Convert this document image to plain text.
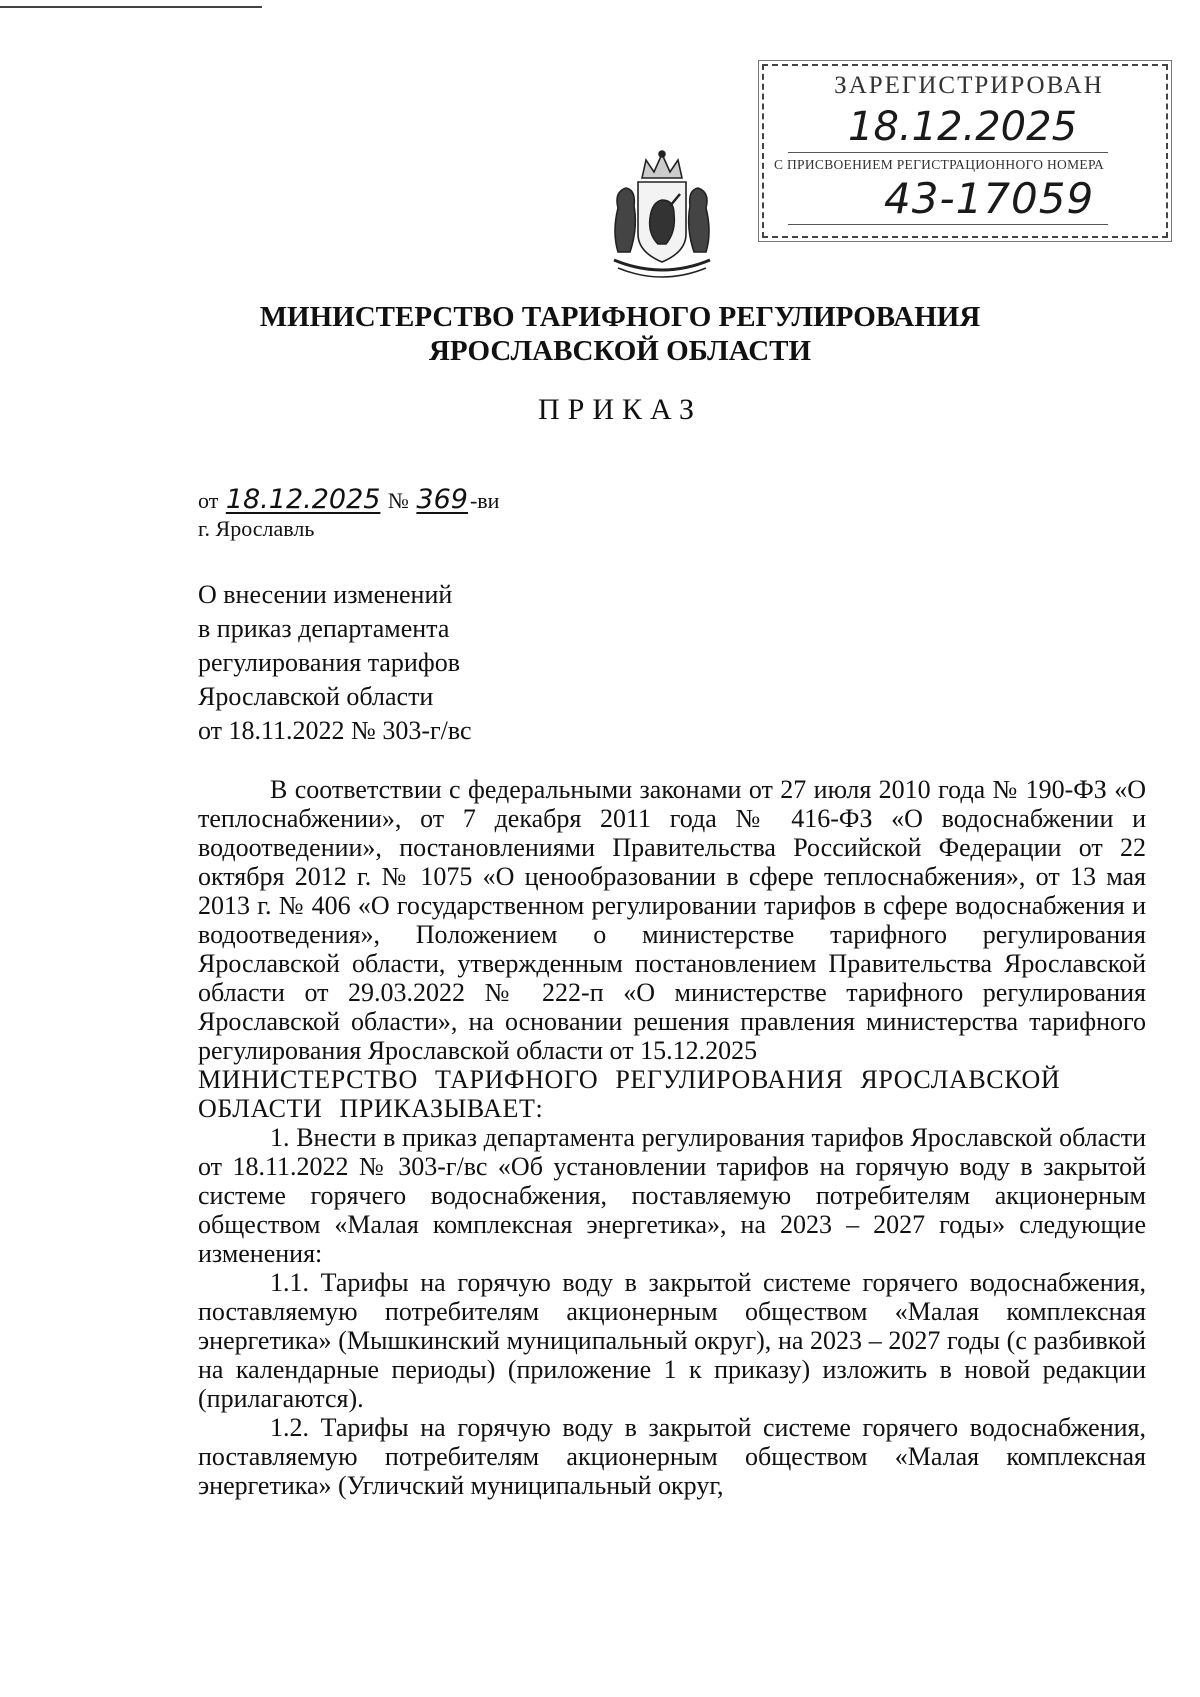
ЗАРЕГИСТРИРОВАН
18.12.2025
С ПРИСВОЕНИЕМ РЕГИСТРАЦИОННОГО НОМЕРА
43-17059
МИНИСТЕРСТВО ТАРИФНОГО РЕГУЛИРОВАНИЯ
ЯРОСЛАВСКОЙ ОБЛАСТИ
ПРИКАЗ
от 18.12.2025 № 369-ви
г. Ярославль
О внесении изменений
в приказ департамента
регулирования тарифов
Ярославской области
от 18.11.2022 № 303-г/вс

В соответствии с федеральными законами от 27 июля 2010 года № 190-ФЗ «О теплоснабжении», от 7 декабря 2011 года № 416-ФЗ «О водоснабжении и водоотведении», постановлениями Правительства Российской Федерации от 22 октября 2012 г. № 1075 «О ценообразовании в сфере теплоснабжения», от 13 мая 2013 г. № 406 «О государственном регулировании тарифов в сфере водоснабжения и водоотведения», Положением о министерстве тарифного регулирования Ярославской области, утвержденным постановлением Правительства Ярославской области от 29.03.2022 № 222-п «О министерстве тарифного регулирования Ярославской области», на основании решения правления министерства тарифного регулирования Ярославской области от 15.12.2025

МИНИСТЕРСТВО ТАРИФНОГО РЕГУЛИРОВАНИЯ ЯРОСЛАВСКОЙ ОБЛАСТИ ПРИКАЗЫВАЕТ:

1. Внести в приказ департамента регулирования тарифов Ярославской области от 18.11.2022 № 303-г/вс «Об установлении тарифов на горячую воду в закрытой системе горячего водоснабжения, поставляемую потребителям акционерным обществом «Малая комплексная энергетика», на 2023 – 2027 годы» следующие изменения:

1.1. Тарифы на горячую воду в закрытой системе горячего водоснабжения, поставляемую потребителям акционерным обществом «Малая комплексная энергетика» (Мышкинский муниципальный округ), на 2023 – 2027 годы (с разбивкой на календарные периоды) (приложение 1 к приказу) изложить в новой редакции (прилагаются).

1.2. Тарифы на горячую воду в закрытой системе горячего водоснабжения, поставляемую потребителям акционерным обществом «Малая комплексная энергетика» (Угличский муниципальный округ,
